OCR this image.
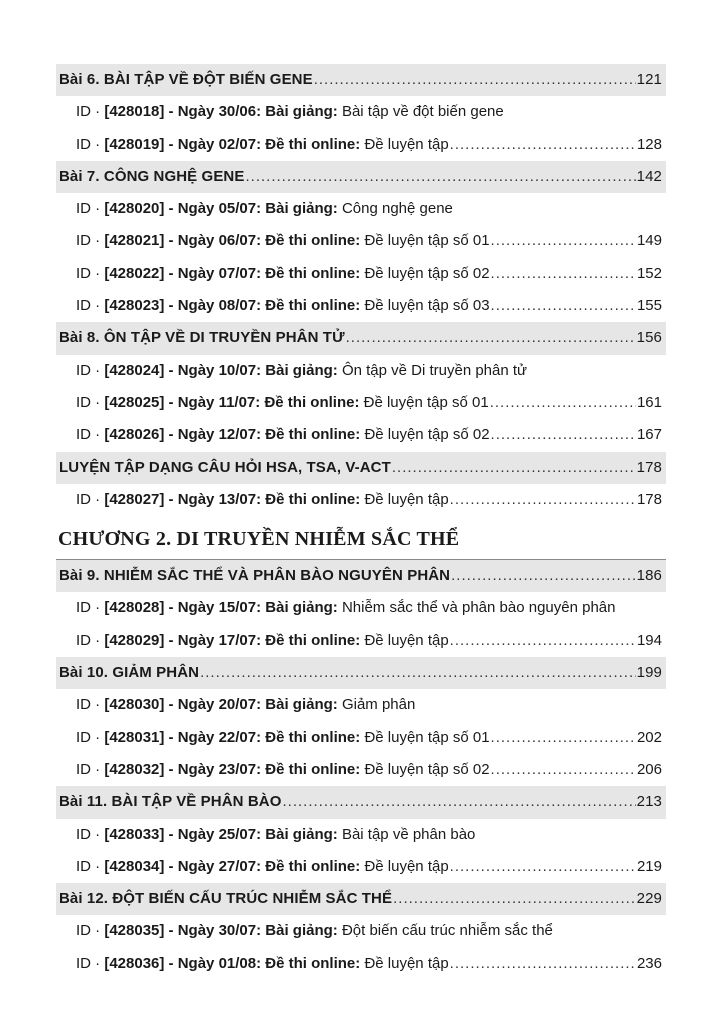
Bài 6. BÀI TẬP VỀ ĐỘT BIẾN GENE .....	121
ID · [428018] - Ngày 30/06: Bài giảng: Bài tập về đột biến gene
ID · [428019] - Ngày 02/07: Đề thi online: Đề luyện tập .....	128
Bài 7. CÔNG NGHỆ GENE .....	142
ID · [428020] - Ngày 05/07: Bài giảng: Công nghệ gene
ID · [428021] - Ngày 06/07: Đề thi online: Đề luyện tập số 01 .....	149
ID · [428022] - Ngày 07/07: Đề thi online: Đề luyện tập số 02 .....	152
ID · [428023] - Ngày 08/07: Đề thi online: Đề luyện tập số 03 .....	155
Bài 8. ÔN TẬP VỀ DI TRUYỀN PHÂN TỬ .....	156
ID · [428024] - Ngày 10/07: Bài giảng: Ôn tập về Di truyền phân tử
ID · [428025] - Ngày 11/07: Đề thi online: Đề luyện tập số 01 .....	161
ID · [428026] - Ngày 12/07: Đề thi online: Đề luyện tập số 02 .....	167
LUYỆN TẬP DẠNG CÂU HỎI HSA, TSA, V-ACT .....	178
ID · [428027] - Ngày 13/07: Đề thi online: Đề luyện tập .....	178
CHƯƠNG 2. DI TRUYỀN NHIỄM SẮC THỂ
Bài 9. NHIỄM SẮC THỂ VÀ PHÂN BÀO NGUYÊN PHÂN .....	186
ID · [428028] - Ngày 15/07: Bài giảng: Nhiễm sắc thể và phân bào nguyên phân
ID · [428029] - Ngày 17/07: Đề thi online: Đề luyện tập .....	194
Bài 10. GIẢM PHÂN .....	199
ID · [428030] - Ngày 20/07: Bài giảng: Giảm phân
ID · [428031] - Ngày 22/07: Đề thi online: Đề luyện tập số 01 .....	202
ID · [428032] - Ngày 23/07: Đề thi online: Đề luyện tập số 02 .....	206
Bài 11. BÀI TẬP VỀ PHÂN BÀO .....	213
ID · [428033] - Ngày 25/07: Bài giảng: Bài tập về phân bào
ID · [428034] - Ngày 27/07: Đề thi online: Đề luyện tập .....	219
Bài 12. ĐỘT BIẾN CẤU TRÚC NHIỄM SẮC THỂ .....	229
ID · [428035] - Ngày 30/07: Bài giảng: Đột biến cấu trúc nhiễm sắc thể
ID · [428036] - Ngày 01/08: Đề thi online: Đề luyện tập .....	236
